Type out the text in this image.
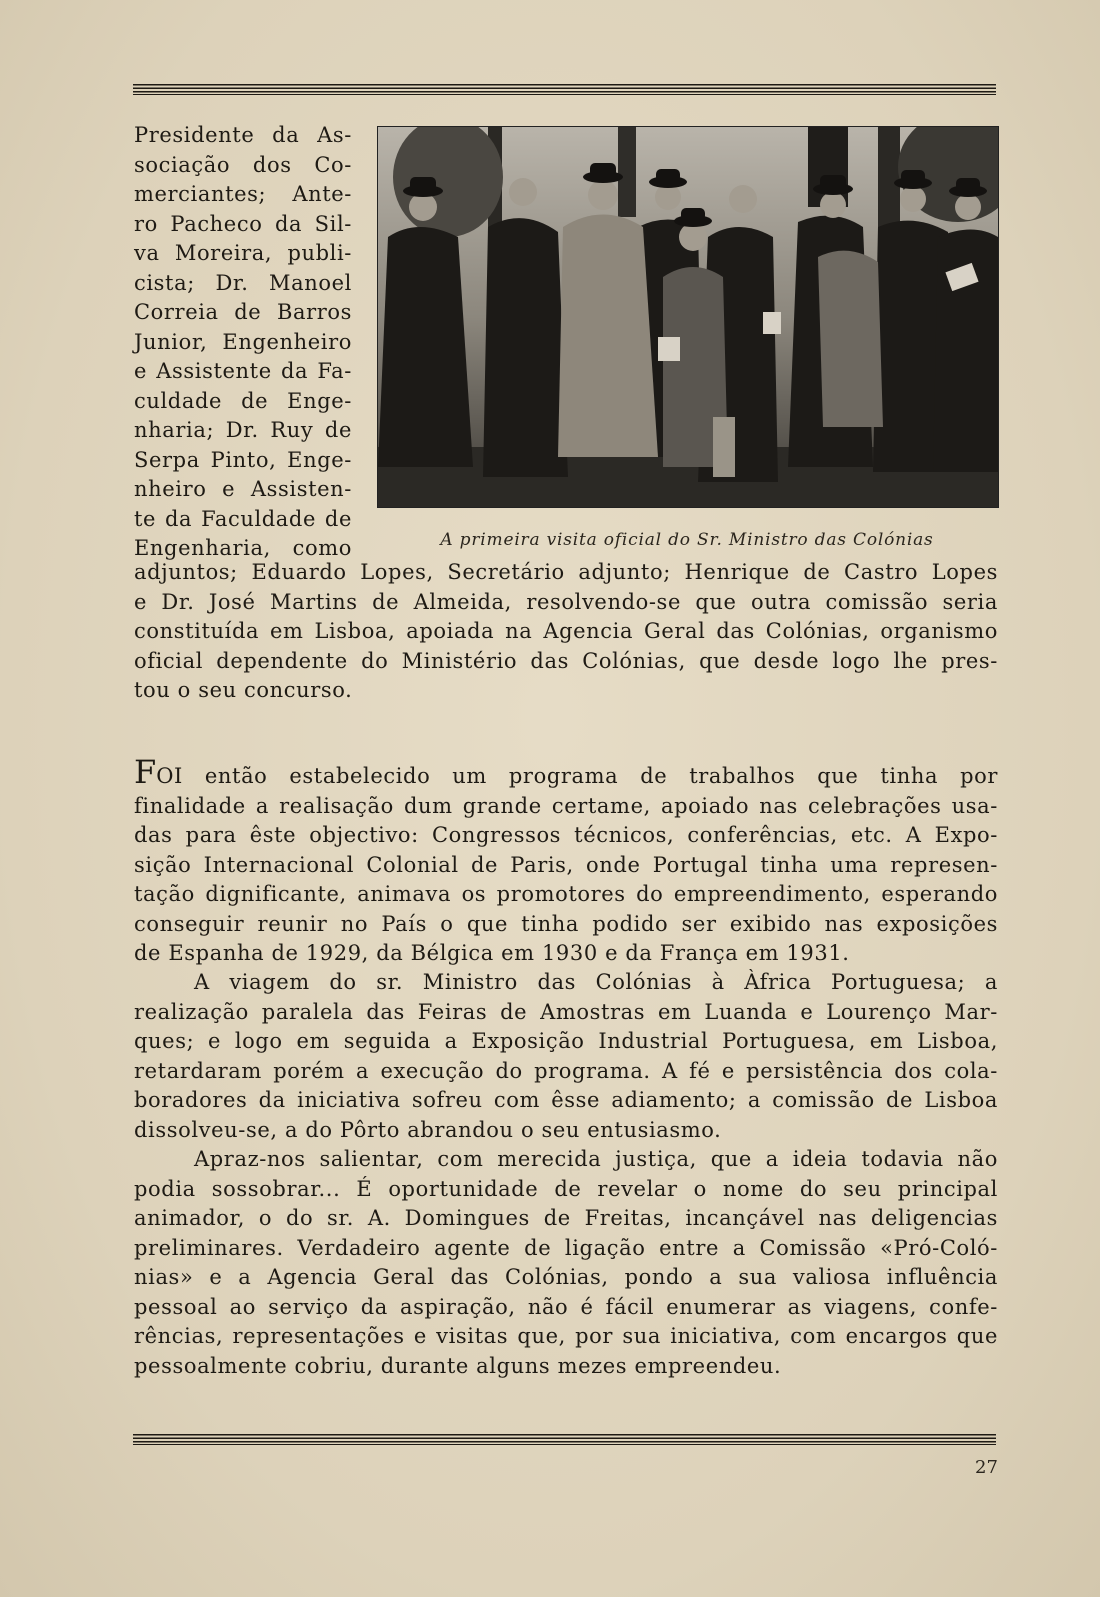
Presidente da As-
sociação dos Co-
merciantes; Ante-
ro Pacheco da Sil-
va Moreira, publi-
cista; Dr. Manoel
Correia de Barros
Junior, Engenheiro
e Assistente da Fa-
culdade de Enge-
nharia; Dr. Ruy de
Serpa Pinto, Enge-
nheiro e Assisten-
te da Faculdade de
Engenharia, como	A primeira visita oficial do Sr. Ministro das Colónias
adjuntos; Eduardo Lopes, Secretário adjunto; Henrique de Castro Lopes
e Dr. José Martins de Almeida, resolvendo-se que outra comissão seria
constituída em Lisboa, apoiada na Agencia Geral das Colónias, organismo
oficial dependente do Ministério das Colónias, que desde logo lhe pres-
tou o seu concurso.
FOI então estabelecido um programa de trabalhos que tinha por
finalidade a realisação dum grande certame, apoiado nas celebrações usa-
das para êste objectivo: Congressos técnicos, conferências, etc. A Expo-
sição Internacional Colonial de Paris, onde Portugal tinha uma represen-
tação dignificante, animava os promotores do empreendimento, esperando
conseguir reunir no País o que tinha podido ser exibido nas exposições
de Espanha de 1929, da Bélgica em 1930 e da França em 1931.
A viagem do sr. Ministro das Colónias à Àfrica Portuguesa; a
realização paralela das Feiras de Amostras em Luanda e Lourenço Mar-
ques; e logo em seguida a Exposição Industrial Portuguesa, em Lisboa,
retardaram porém a execução do programa. A fé e persistência dos cola-
boradores da iniciativa sofreu com êsse adiamento; a comissão de Lisboa
dissolveu-se, a do Pôrto abrandou o seu entusiasmo.
Apraz-nos salientar, com merecida justiça, que a ideia todavia não
podia sossobrar... É oportunidade de revelar o nome do seu principal
animador, o do sr. A. Domingues de Freitas, incançável nas deligencias
preliminares. Verdadeiro agente de ligação entre a Comissão «Pró-Coló-
nias» e a Agencia Geral das Colónias, pondo a sua valiosa influência
pessoal ao serviço da aspiração, não é fácil enumerar as viagens, confe-
rências, representações e visitas que, por sua iniciativa, com encargos que
pessoalmente cobriu, durante alguns mezes empreendeu.
27
